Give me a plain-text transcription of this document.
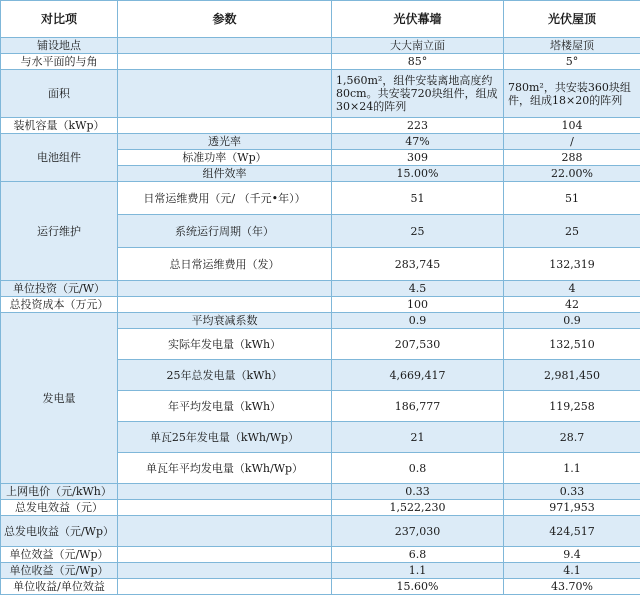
对比项	参数	光伏幕墙	光伏屋顶
铺设地点		大大南立面	塔楼屋顶
与水平面的与角		85°	5°
面积		1,560m²，组件安装离地高度约80cm。共安装720块组件，组成30×24的阵列	780m²，共安装360块组件，组成18×20的阵列
装机容量（kWp）		223	104
电池组件	透光率	47%	/
	标准功率（Wp）	309	288
	组件效率	15.00%	22.00%
运行维护	日常运维费用（元/ （千元•年））	51	51
	系统运行周期（年）	25	25
	总日常运维费用（发）	283,745	132,319
单位投资（元/W）		4.5	4
总投资成本（万元）		100	42
发电量	平均衰减系数	0.9	0.9
	实际年发电量（kWh）	207,530	132,510
	25年总发电量（kWh）	4,669,417	2,981,450
	年平均发电量（kWh）	186,777	119,258
	单瓦25年发电量（kWh/Wp）	21	28.7
	单瓦年平均发电量（kWh/Wp）	0.8	1.1
上网电价（元/kWh）		0.33	0.33
总发电效益（元）		1,522,230	971,953
总发电收益（元/Wp）		237,030	424,517
单位效益（元/Wp）		6.8	9.4
单位收益（元/Wp）		1.1	4.1
单位收益/单位效益		15.60%	43.70%
